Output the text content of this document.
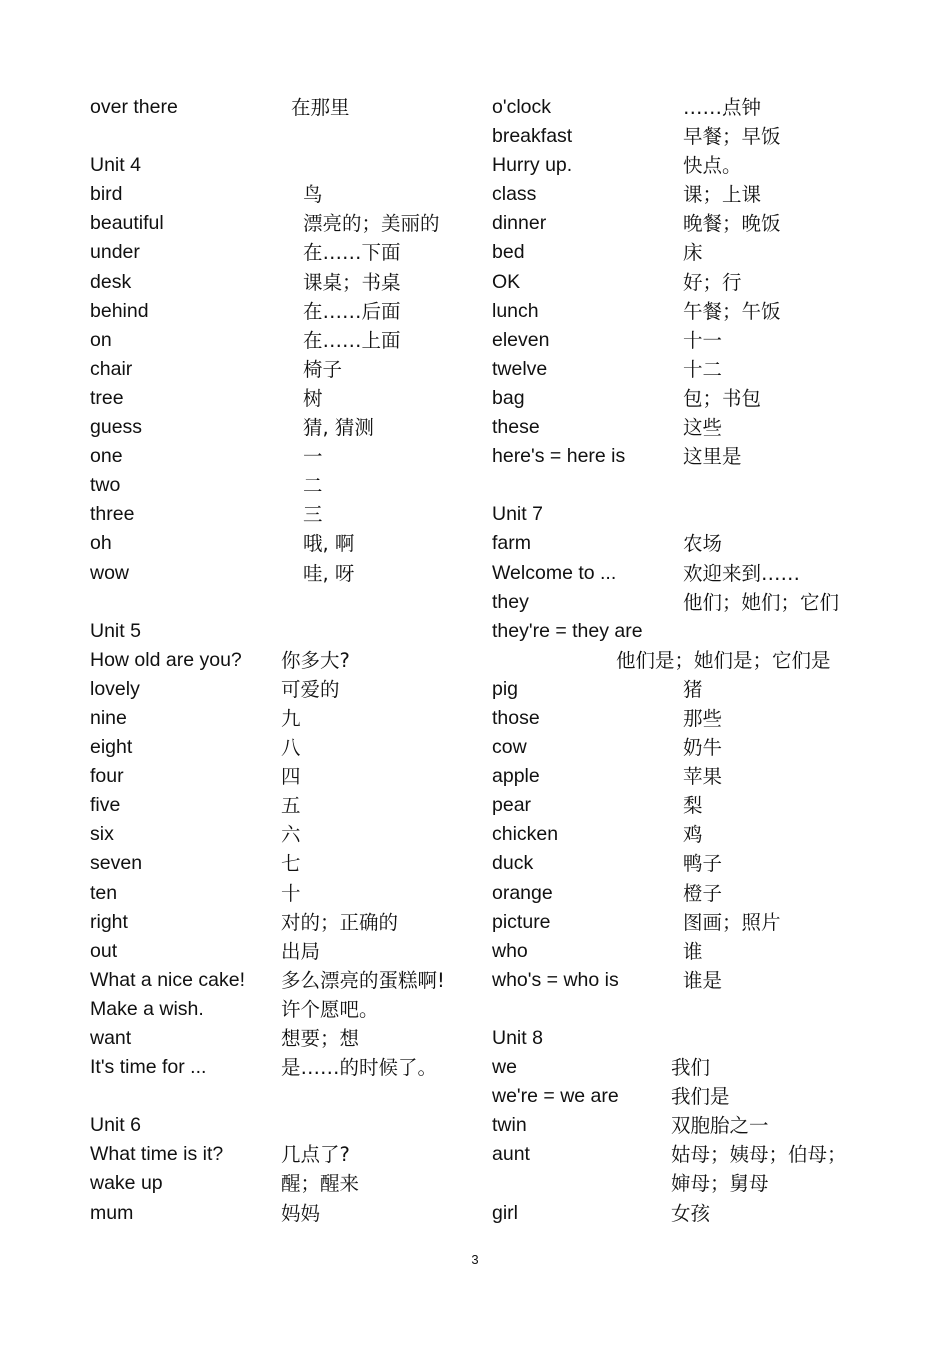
over there	在那里
Unit 4
bird	鸟
beautiful	漂亮的；美丽的
under	在……下面
desk	课桌；书桌
behind	在……后面
on	在……上面
chair	椅子
tree	树
guess	猜, 猜测
one	一
two	二
three	三
oh	哦, 啊
wow	哇, 呀
Unit 5
How old are you? 你多大?
lovely	可爱的
nine	九
eight	八
four	四
five	五
six	六
seven	七
ten	十
right	对的；正确的
out	出局
What a nice cake! 多么漂亮的蛋糕啊!
Make a wish.	许个愿吧。
want	想要；想
It's time for ...	是……的时候了。
Unit 6
What time is it?	几点了?
wake up	醒；醒来
mum	妈妈
o'clock	……点钟
breakfast	早餐；早饭
Hurry up.	快点。
class	课；上课
dinner	晚餐；晚饭
bed	床
OK	好；行
lunch	午餐；午饭
eleven	十一
twelve	十二
bag	包；书包
these	这些
here's = here is	这里是
Unit 7
farm	农场
Welcome to ...	欢迎来到……
they	他们；她们；它们
they're = they are
他们是；她们是；它们是
pig	猪
those	那些
cow	奶牛
apple	苹果
pear	梨
chicken	鸡
duck	鸭子
orange	橙子
picture	图画；照片
who	谁
who's = who is	谁是
Unit 8
we	我们
we're = we are	我们是
twin	双胞胎之一
aunt	姑母；姨母；伯母；
婶母；舅母
girl	女孩
3
